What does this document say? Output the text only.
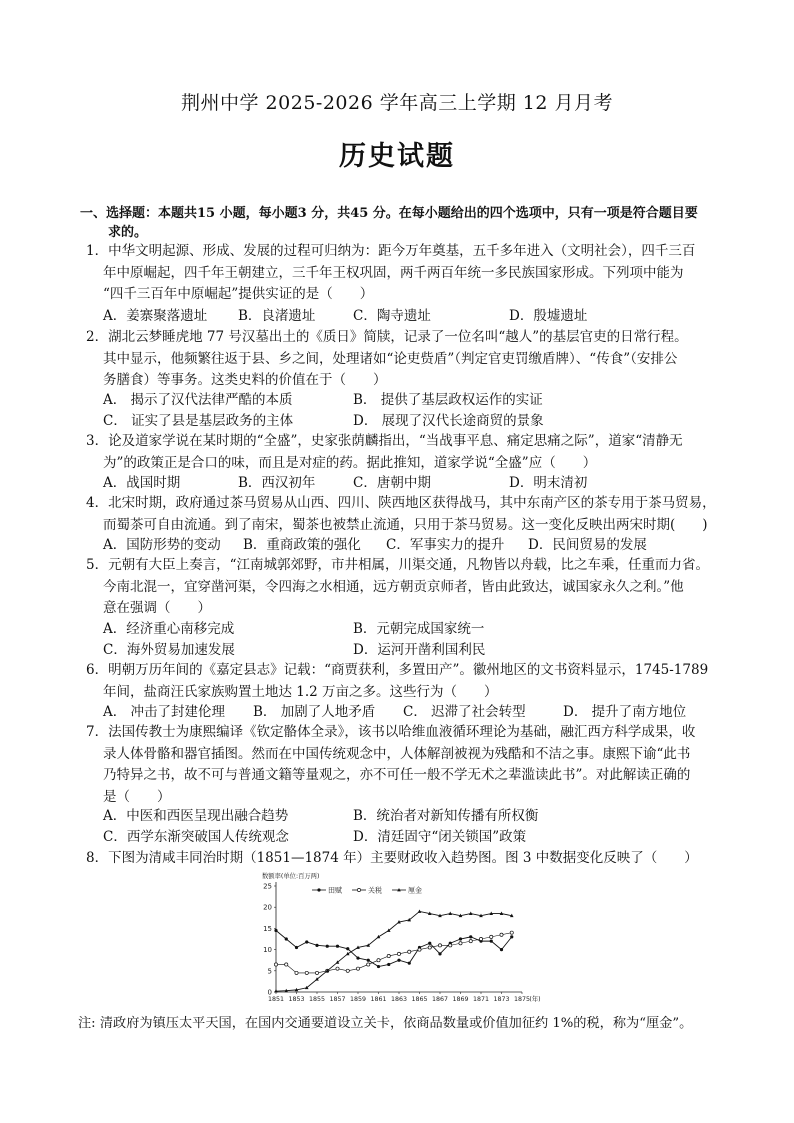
荆州中学 2025-2026 学年高三上学期 12 月月考
历史试题
一、选择题：本题共15 小题，每小题3 分，共45 分。在每小题给出的四个选项中，只有一项是符合题目要
求的。
1．中华文明起源、形成、发展的过程可归纳为：距今万年奠基，五千多年进入（文明社会），四千三百
年中原崛起，四千年王朝建立，三千年王权巩固，两千两百年统一多民族国家形成。下列项中能为
“四千三百年中原崛起”提供实证的是（　　）
A．姜寨聚落遗址 B．良渚遗址	C．陶寺遗址	D．殷墟遗址
2．湖北云梦睡虎地 77 号汉墓出土的《质日》简牍，记录了一位名叫“越人”的基层官吏的日常行程。
其中显示，他频繁往返于县、乡之间，处理诸如“论吏赀盾”（判定官吏罚缴盾牌）、“传食”（安排公
务膳食）等事务。这类史料的价值在于（　　）
A． 揭示了汉代法律严酷的本质	B． 提供了基层政权运作的实证
C． 证实了县是基层政务的主体	D． 展现了汉代长途商贸的景象
3．论及道家学说在某时期的“全盛”，史家张荫麟指出，“当战事平息、痛定思痛之际”，道家“清静无
为”的政策正是合口的味，而且是对症的药。据此推知，道家学说“全盛”应（　　）
A．战国时期	B．西汉初年	C．唐朝中期	D．明末清初
4．北宋时期，政府通过茶马贸易从山西、四川、陕西地区获得战马，其中东南产区的茶专用于茶马贸易，
而蜀茶可自由流通。到了南宋，蜀茶也被禁止流通，只用于茶马贸易。这一变化反映出两宋时期(　　)
A．国防形势的变动 B．重商政策的强化 C．军事实力的提升 D．民间贸易的发展
5．元朝有大臣上奏言，“江南城郭郊野，市井相属，川渠交通，凡物皆以舟载，比之车乘，任重而力省。
今南北混一，宜穿凿河渠，令四海之水相通，远方朝贡京师者，皆由此致达，诚国家永久之利。”他
意在强调（　　）
A．经济重心南移完成	B．元朝完成国家统一
C．海外贸易加速发展	D．运河开凿利国利民
6．明朝万历年间的《嘉定县志》记载：“商贾获利，多置田产”。徽州地区的文书资料显示，1745-1789
年间，盐商汪氏家族购置土地达 1.2 万亩之多。这些行为（　　）
A． 冲击了封建伦理 B． 加剧了人地矛盾 C． 迟滞了社会转型	D． 提升了南方地位
7．法国传教士为康熙编译《钦定骼体全录》，该书以哈维血液循环理论为基础，融汇西方科学成果，收
录人体骨骼和器官插图。然而在中国传统观念中，人体解剖被视为残酷和不洁之事。康熙下谕“此书
乃特异之书，故不可与普通文籍等量观之，亦不可任一般不学无术之辈滥读此书”。对此解读正确的
是（　　）
A．中医和西医呈现出融合趋势	B．统治者对新知传播有所权衡
C．西学东渐突破国人传统观念	D．清廷固守“闭关锁国”政策
8．下图为清咸丰同治时期（1851—1874 年）主要财政收入趋势图。图 3 中数据变化反映了（　　）
0
5
10
15
20
25
1851 1853 1855 1857 1859 1861 1863 1865 1867 1869 1871 1873 1875 (年)
数额率(单位:百万两)
田赋	关税	厘金
注: 清政府为镇压太平天国，在国内交通要道设立关卡，依商品数量或价值加征约 1%的税，称为“厘金”。
